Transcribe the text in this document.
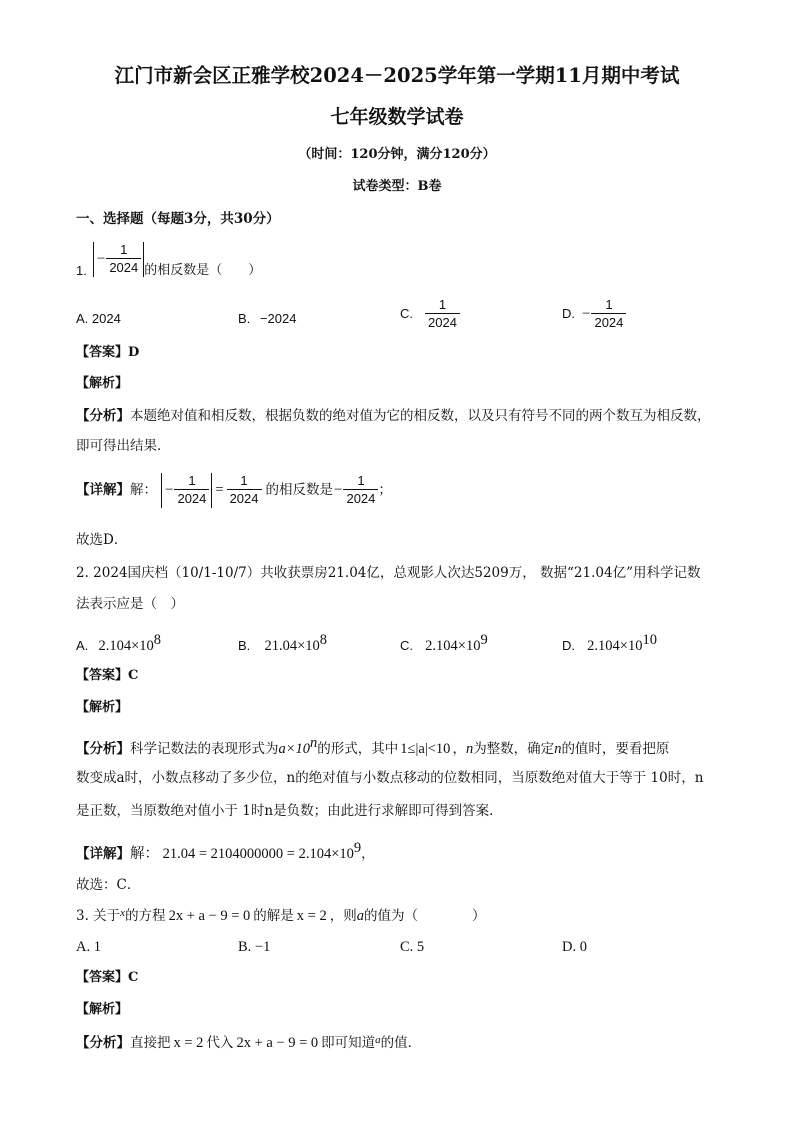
江门市新会区正雅学校2024－2025学年第一学期11月期中考试
七年级数学试卷
（时间：120分钟，满分120分）
试卷类型：B卷
一、选择题（每题3分，共30分）
1.
− $\frac{1}{2024}$ 的相反数是（　　）
A. 2024	B. −2024	C. $\frac{1}{2024}$	D. − $\frac{1}{2024}$
【答案】D
【解析】
【分析】本题绝对值和相反数，根据负数的绝对值为它的相反数，以及只有符号不同的两个数互为相反数，
即可得出结果．
【详解】 解： − $\frac{1}{2024} = \frac{1}{2024}$ 的相反数是 − $\frac{1}{2024}$ ；
故选D．
2. 2024国庆档（10/1-10/7）共收获票房21.04亿，总观影人次达5209万， 数据“21.04亿”用科学记数
法表示应是（　）
A. $2.104\times 10^8$	B. $21.04\times 10^8$	C. $2.104\times 10^9$	D. $2.104\times 10^{10}$
【答案】C
【解析】
【分析】科学记数法的表现形式为$a\times 10^n$的形式，其中 1≤|a|<10 ，n为整数，确定n的值时，要看把原
数变成a时，小数点移动了多少位，n的绝对值与小数点移动的位数相同，当原数绝对值大于等于 10时，n
是正数，当原数绝对值小于 1时n是负数；由此进行求解即可得到答案．
【详解】解： $21.04 = 2104000000 = 2.104\times 10^9$，
故选：C．
3. 关于$^x$的方程 2x + a − 9 = 0 的解是 x = 2 ，则a的值为（　　　　）
A. 1	B. −1	C. 5	D. 0
【答案】C
【解析】
【分析】直接把 x = 2 代入 2x + a − 9 = 0 即可知道$^a$的值．
